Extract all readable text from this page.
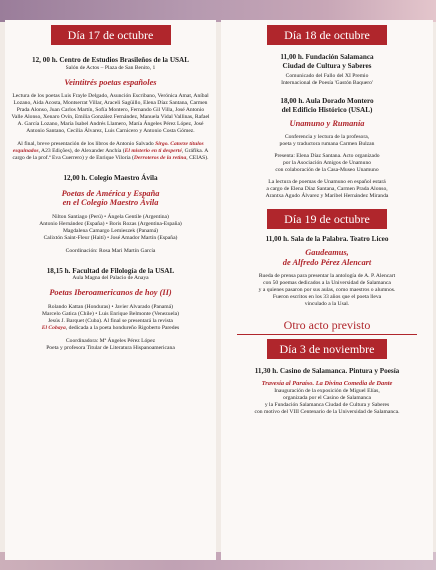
Día 17 de octubre
12, 00 h. Centro de Estudios Brasileños de la USAL
Salón de Actos – Plaza de San Benito, 1
Veintitrés poetas españoles
Lectura de los poetas Luis Frayle Delgado, Asunción Escribano, Verónica Amat, Aníbal Lozano, Aida Acosta, Montserrat Villar, Araceli Sagüillo, Elena Díaz Santana, Carmen Prada Alonso, Juan Carlos Martín, Sofía Montero, Fernando Gil Villa, José Antonio Valle Alonso, Xenaro Ovín, Emilia González Fernández, Manuela Vidal Vallinas, Rafael A. García Lozano, María Isabel Andrés Llamero, María Ángeles Pérez López, José Antonio Santano, Cecilia Álvarez, Luis Carnicero y Antonio Costa Gómez.
Al final, breve presentación de los libros de Antonio Salvado Sirgo. Catorze títulos esquinados, A23 Edições), de Alexander Anchía (El misterio en ti desperté, Gráfika. A cargo de la prof.ª Eva Cuerrero) y de Enrique Viloria (Derroteros de la retina, CEIAS).
12,00 h. Colegio Maestro Ávila
Poetas de América y España
en el Colegio Maestro Ávila
Nilton Santiago (Perú) • Ángela Gentile (Argentina)
Antonio Hernández (España) • Boris Rozas (Argentina-España)
Magdalena Camargo Lemieszek (Panamá)
Calixtón Saint-Fleur (Haití) • José Amador Martín (España)
Coordinación: Rosa Mari Martín García
18,15 h. Facultad de Filología de la USAL
Aula Magna del Palacio de Anaya
Poetas Iberoamericanos de hoy (II)
Rolando Kattan (Honduras) • Javier Alvarado (Panamá)
Marcelo Gatica (Chile) • Luis Enrique Belmonte (Venezuela)
Jesús J. Barquet (Cuba). Al final se presentará la revista
El Cobaya, dedicada a la poeta hondureño Rigoberto Paredes
Coordinadora: Mª Ángeles Pérez López
Poeta y profesora Titular de Literatura Hispanoamericana
Día 18 de octubre
11,00 h. Fundación Salamanca
Ciudad de Cultura y Saberes
Comunicado del Fallo del XI Premio
Internacional de Poesía 'Gastón Baquero'
18,00 h. Aula Dorado Montero
del Edificio Histórico (USAL)
Unamuno y Rumanía
Conferencia y lectura de la profesora,
poeta y traductora rumana Carmen Bulzan
Presenta: Elena Díaz Santana. Acto organizado
por la Asociación Amigos de Unamuno
con colaboración de la Casa-Museo Unamuno
La lectura de poemas de Unamuno en español estará
a cargo de Elena Díaz Santana, Carmen Prada Alonso,
Arantxa Agudo Álvarez y Maribel Hernández Miranda
Día 19 de octubre
11,00 h. Sala de la Palabra. Teatro Liceo
Gaudeamus,
de Alfredo Pérez Alencart
Rueda de prensa para presentar la antología de A. P. Alencart
con 50 poemas dedicados a la Universidad de Salamanca
y a quienes pasaron por sus aulas, como maestros o alumnos.
Fueron escritos en los 33 años que el poeta lleva
vinculado a la Usal.
Otro acto previsto
Día 3 de noviembre
11,30 h. Casino de Salamanca. Pintura y Poesía
Travesía al Paraíso. La Divina Comedia de Dante
Inauguración de la exposición de Miguel Elías,
organizada por el Casino de Salamanca
y la Fundación Salamanca Ciudad de Cultura y Saberes
con motivo del VIII Centenario de la Universidad de Salamanca.
